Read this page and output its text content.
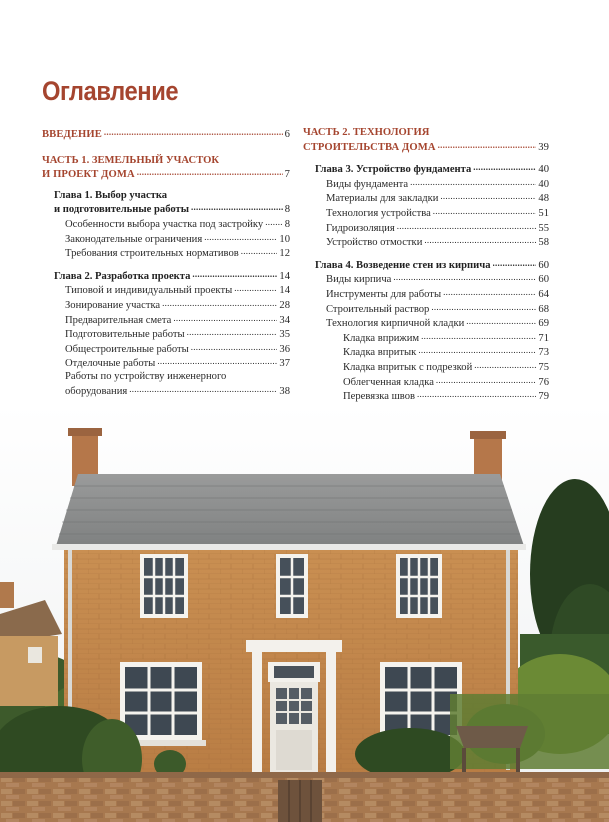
Оглавление
ВВЕДЕНИЕ . . .	6
ЧАСТЬ 1. ЗЕМЕЛЬНЫЙ УЧАСТОК
И ПРОЕКТ ДОМА . . .	7
Глава 1. Выбор участка
и подготовительные работы . . .	8
Особенности выбора участка под застройку . . . 8
Законодательные ограничения . . .	10
Требования строительных нормативов . . .	12
Глава 2. Разработка проекта . . .	14
Типовой и индивидуальный проекты . . .	14
Зонирование участка . . .	28
Предварительная смета . . .	34
Подготовительные работы . . .	35
Общестроительные работы . . .	36
Отделочные работы . . .	37
Работы по устройству инженерного
оборудования . . .	38
ЧАСТЬ 2. ТЕХНОЛОГИЯ
СТРОИТЕЛЬСТВА ДОМА . . .	39
Глава 3. Устройство фундамента . . .	40
Виды фундамента . . .	40
Материалы для закладки . . .	48
Технология устройства . . .	51
Гидроизоляция . . .	55
Устройство отмостки . . .	58
Глава 4. Возведение стен из кирпича . . .	60
Виды кирпича . . .	60
Инструменты для работы . . .	64
Строительный раствор . . .	68
Технология кирпичной кладки . . .	69
Кладка вприжим . . .	71
Кладка впритык . . .	73
Кладка впритык с подрезкой . . .	75
Облегченная кладка . . .	76
Перевязка швов . . .	79
